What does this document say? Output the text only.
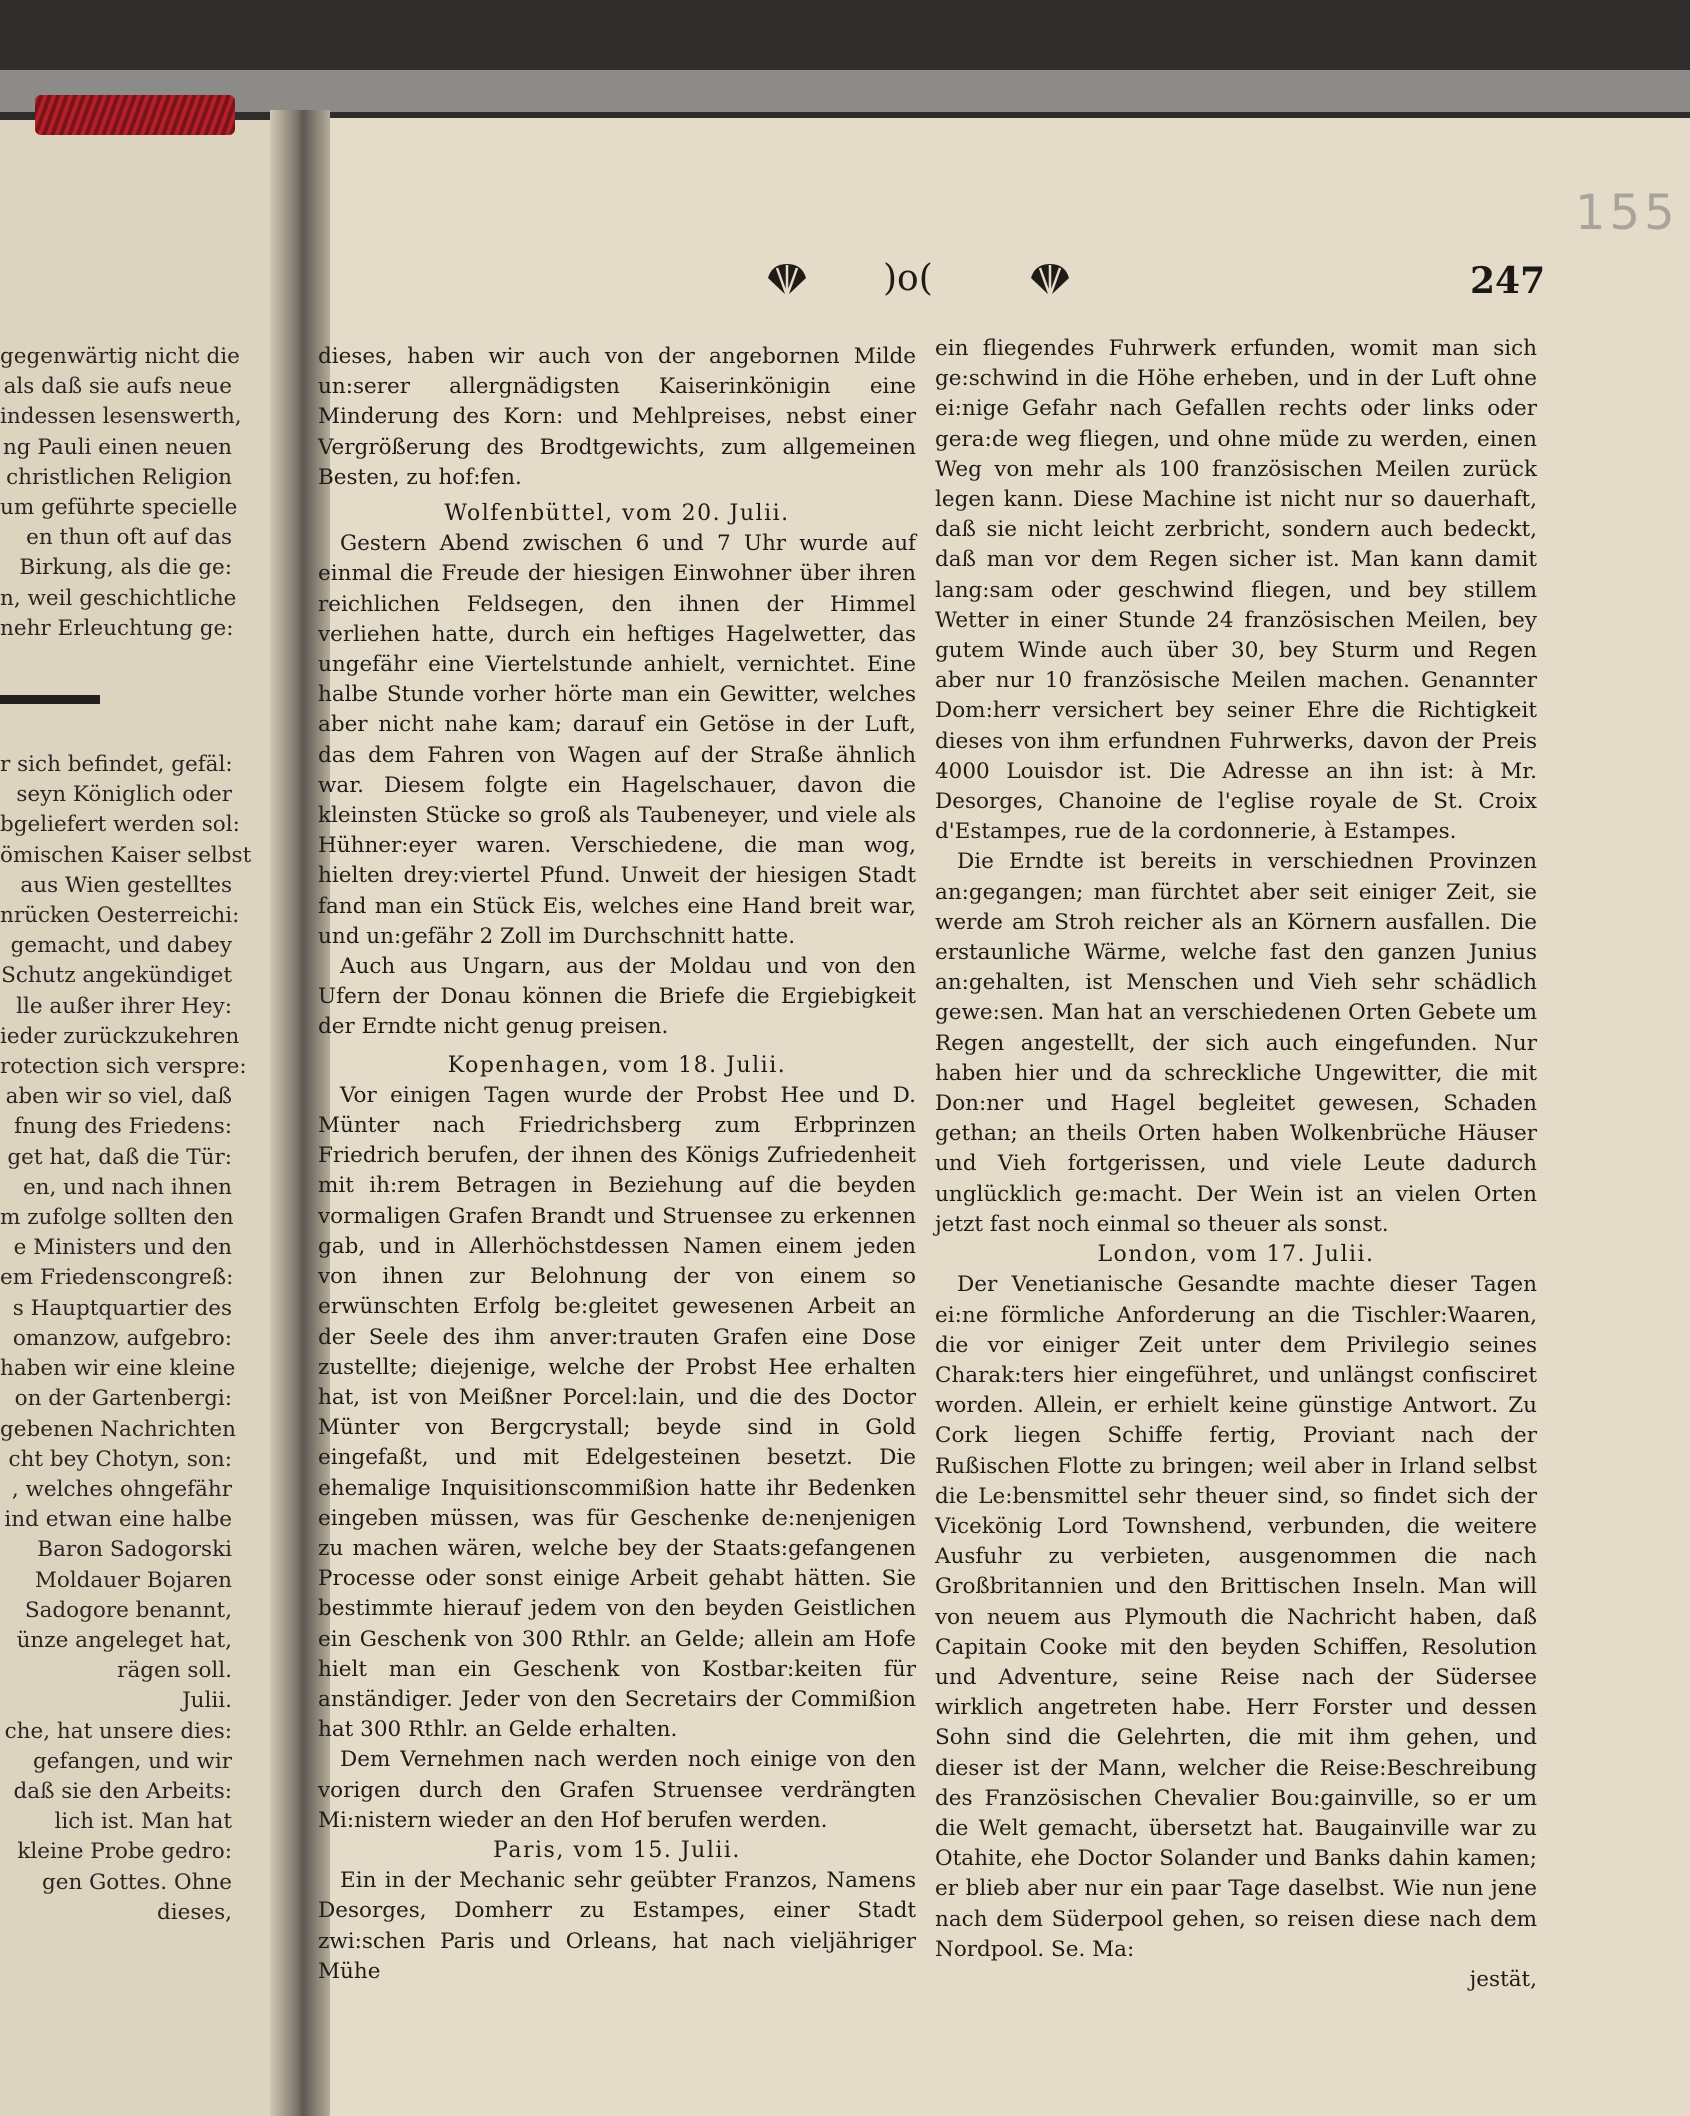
)o(	247
155

gegenwärtig nicht die

als daß sie aufs neue

indessen lesenswerth,

ng Pauli einen neuen

christlichen Religion

um geführte specielle

en thun oft auf das

Birkung, als die ge:

n, weil geschichtliche

nehr Erleuchtung ge:

r sich befindet, gefäl:

seyn Königlich oder

bgeliefert werden sol:

ömischen Kaiser selbst

aus Wien gestelltes

nrücken Oesterreichi:

gemacht, und dabey

Schutz angekündiget

lle außer ihrer Hey:

ieder zurückzukehren

rotection sich verspre:

aben wir so viel, daß

fnung des Friedens:

get hat, daß die Tür:

en, und nach ihnen

m zufolge sollten den

e Ministers und den

em Friedenscongreß:

s Hauptquartier des

omanzow, aufgebro:

haben wir eine kleine

on der Gartenbergi:

gebenen Nachrichten

cht bey Chotyn, son:

, welches ohngefähr

ind etwan eine halbe

Baron Sadogorski

Moldauer Bojaren

Sadogore benannt,

ünze angeleget hat,

rägen soll.

Julii.

che, hat unsere dies:

gefangen, und wir

daß sie den Arbeits:

lich ist. Man hat

kleine Probe gedro:

gen Gottes. Ohne

dieses,

dieses, haben wir auch von der angebornen Milde un:serer allergnädigsten Kaiserinkönigin eine Minderung des Korn: und Mehlpreises, nebst einer Vergrößerung des Brodtgewichts, zum allgemeinen Besten, zu hof:fen.

Wolfenbüttel, vom 20. Julii.

Gestern Abend zwischen 6 und 7 Uhr wurde auf einmal die Freude der hiesigen Einwohner über ihren reichlichen Feldsegen, den ihnen der Himmel verliehen hatte, durch ein heftiges Hagelwetter, das ungefähr eine Viertelstunde anhielt, vernichtet. Eine halbe Stunde vorher hörte man ein Gewitter, welches aber nicht nahe kam; darauf ein Getöse in der Luft, das dem Fahren von Wagen auf der Straße ähnlich war. Diesem folgte ein Hagelschauer, davon die kleinsten Stücke so groß als Taubeneyer, und viele als Hühner:eyer waren. Verschiedene, die man wog, hielten drey:viertel Pfund. Unweit der hiesigen Stadt fand man ein Stück Eis, welches eine Hand breit war, und un:gefähr 2 Zoll im Durchschnitt hatte.

Auch aus Ungarn, aus der Moldau und von den Ufern der Donau können die Briefe die Ergiebigkeit der Erndte nicht genug preisen.

Kopenhagen, vom 18. Julii.

Vor einigen Tagen wurde der Probst Hee und D. Münter nach Friedrichsberg zum Erbprinzen Friedrich berufen, der ihnen des Königs Zufriedenheit mit ih:rem Betragen in Beziehung auf die beyden vormaligen Grafen Brandt und Struensee zu erkennen gab, und in Allerhöchstdessen Namen einem jeden von ihnen zur Belohnung der von einem so erwünschten Erfolg be:gleitet gewesenen Arbeit an der Seele des ihm anver:trauten Grafen eine Dose zustellte; diejenige, welche der Probst Hee erhalten hat, ist von Meißner Porcel:lain, und die des Doctor Münter von Bergcrystall; beyde sind in Gold eingefaßt, und mit Edelgesteinen besetzt. Die ehemalige Inquisitionscommißion hatte ihr Bedenken eingeben müssen, was für Geschenke de:nenjenigen zu machen wären, welche bey der Staats:gefangenen Processe oder sonst einige Arbeit gehabt hätten. Sie bestimmte hierauf jedem von den beyden Geistlichen ein Geschenk von 300 Rthlr. an Gelde; allein am Hofe hielt man ein Geschenk von Kostbar:keiten für anständiger. Jeder von den Secretairs der Commißion hat 300 Rthlr. an Gelde erhalten.

Dem Vernehmen nach werden noch einige von den vorigen durch den Grafen Struensee verdrängten Mi:nistern wieder an den Hof berufen werden.

Paris, vom 15. Julii.

Ein in der Mechanic sehr geübter Franzos, Namens Desorges, Domherr zu Estampes, einer Stadt zwi:schen Paris und Orleans, hat nach vieljähriger Mühe

ein fliegendes Fuhrwerk erfunden, womit man sich ge:schwind in die Höhe erheben, und in der Luft ohne ei:nige Gefahr nach Gefallen rechts oder links oder gera:de weg fliegen, und ohne müde zu werden, einen Weg von mehr als 100 französischen Meilen zurück legen kann. Diese Machine ist nicht nur so dauerhaft, daß sie nicht leicht zerbricht, sondern auch bedeckt, daß man vor dem Regen sicher ist. Man kann damit lang:sam oder geschwind fliegen, und bey stillem Wetter in einer Stunde 24 französischen Meilen, bey gutem Winde auch über 30, bey Sturm und Regen aber nur 10 französische Meilen machen. Genannter Dom:herr versichert bey seiner Ehre die Richtigkeit dieses von ihm erfundnen Fuhrwerks, davon der Preis 4000 Louisdor ist. Die Adresse an ihn ist: à Mr. Desorges, Chanoine de l'eglise royale de St. Croix d'Estampes, rue de la cordonnerie, à Estampes.

Die Erndte ist bereits in verschiednen Provinzen an:gegangen; man fürchtet aber seit einiger Zeit, sie werde am Stroh reicher als an Körnern ausfallen. Die erstaunliche Wärme, welche fast den ganzen Junius an:gehalten, ist Menschen und Vieh sehr schädlich gewe:sen. Man hat an verschiedenen Orten Gebete um Regen angestellt, der sich auch eingefunden. Nur haben hier und da schreckliche Ungewitter, die mit Don:ner und Hagel begleitet gewesen, Schaden gethan; an theils Orten haben Wolkenbrüche Häuser und Vieh fortgerissen, und viele Leute dadurch unglücklich ge:macht. Der Wein ist an vielen Orten jetzt fast noch einmal so theuer als sonst.

London, vom 17. Julii.

Der Venetianische Gesandte machte dieser Tagen ei:ne förmliche Anforderung an die Tischler:Waaren, die vor einiger Zeit unter dem Privilegio seines Charak:ters hier eingeführet, und unlängst confisciret worden. Allein, er erhielt keine günstige Antwort. Zu Cork liegen Schiffe fertig, Proviant nach der Rußischen Flotte zu bringen; weil aber in Irland selbst die Le:bensmittel sehr theuer sind, so findet sich der Vicekönig Lord Townshend, verbunden, die weitere Ausfuhr zu verbieten, ausgenommen die nach Großbritannien und den Brittischen Inseln. Man will von neuem aus Plymouth die Nachricht haben, daß Capitain Cooke mit den beyden Schiffen, Resolution und Adventure, seine Reise nach der Südersee wirklich angetreten habe. Herr Forster und dessen Sohn sind die Gelehrten, die mit ihm gehen, und dieser ist der Mann, welcher die Reise:Beschreibung des Französischen Chevalier Bou:gainville, so er um die Welt gemacht, übersetzt hat. Baugainville war zu Otahite, ehe Doctor Solander und Banks dahin kamen; er blieb aber nur ein paar Tage daselbst. Wie nun jene nach dem Süderpool gehen, so reisen diese nach dem Nordpool. Se. Ma:

jestät,
